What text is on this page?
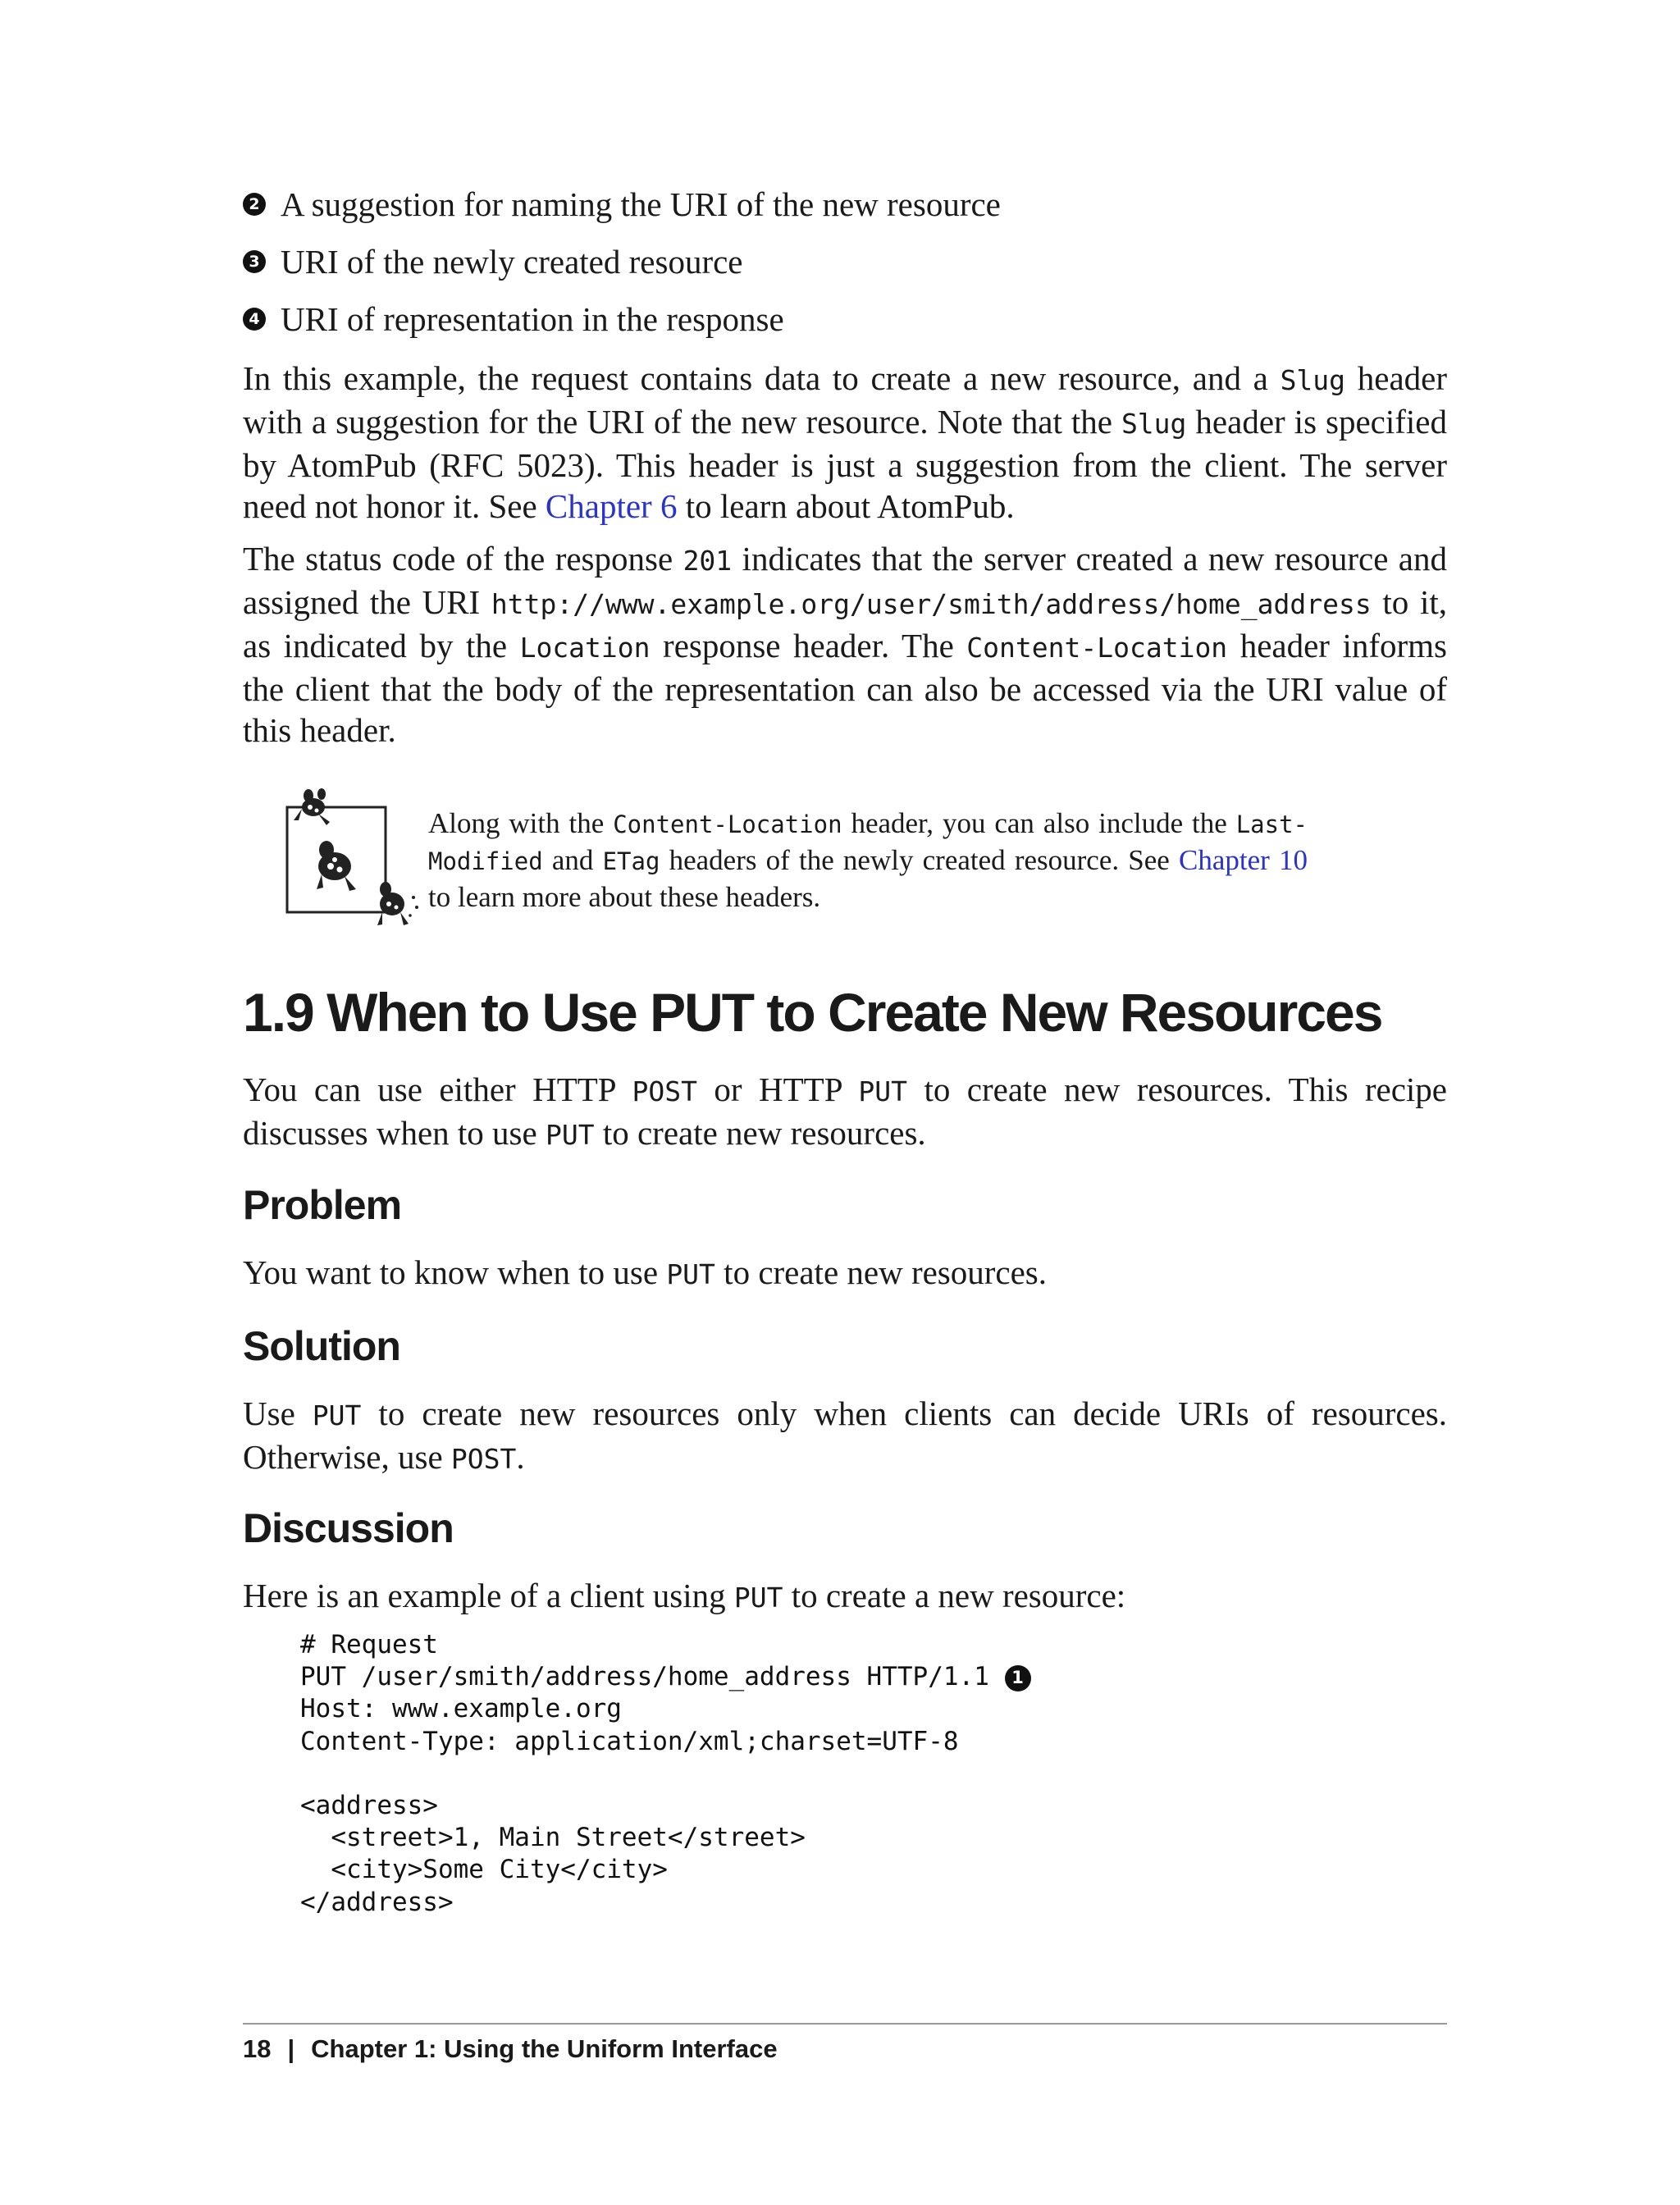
2 A suggestion for naming the URI of the new resource
3 URI of the newly created resource
4 URI of representation in the response

In this example, the request contains data to create a new resource, and a Slug header with a suggestion for the URI of the new resource. Note that the Slug header is specified by AtomPub (RFC 5023). This header is just a suggestion from the client. The server need not honor it. See Chapter 6 to learn about AtomPub.

The status code of the response 201 indicates that the server created a new resource and assigned the URI http://www.example.org/user/smith/address/home_address to it, as indicated by the Location response header. The Content-Location header informs the client that the body of the representation can also be accessed via the URI value of this header.

Along with the Content-Location header, you can also include the Last-Modified and ETag headers of the newly created resource. See Chapter 10 to learn more about these headers.

1.9 When to Use PUT to Create New Resources

You can use either HTTP POST or HTTP PUT to create new resources. This recipe discusses when to use PUT to create new resources.

Problem

You want to know when to use PUT to create new resources.

Solution

Use PUT to create new resources only when clients can decide URIs of resources. Otherwise, use POST.

Discussion

Here is an example of a client using PUT to create a new resource:

# Request
PUT /user/smith/address/home_address HTTP/1.1 1
Host: www.example.org
Content-Type: application/xml;charset=UTF-8

<address>
<street>1, Main Street</street>
<city>Some City</city>
</address>
18 | Chapter 1: Using the Uniform Interface
